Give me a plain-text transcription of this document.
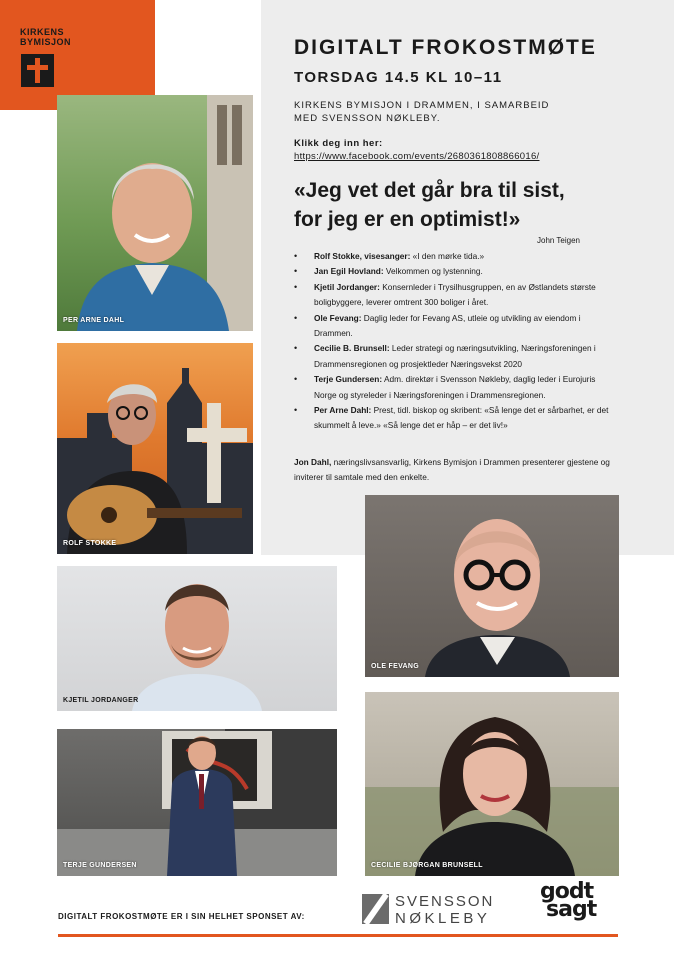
KIRKENS
BYMISJON	DIGITALT FROKOSTMØTE
TORSDAG 14.5 KL 10–11
KIRKENS BYMISJON I DRAMMEN, I SAMARBEID
MED SVENSSON NØKLEBY.
Klikk deg inn her:
https://www.facebook.com/events/2680361808866016/
«Jeg vet det går bra til sist,
for jeg er en optimist!»
John Teigen
• Rolf Stokke, visesanger: «I den mørke tida.»
• Jan Egil Hovland: Velkommen og lystenning.
• Kjetil Jordanger: Konsernleder i Trysilhusgruppen, en av Østlandets største boligbyggere, leverer omtrent 300 boliger i året.
• Ole Fevang: Daglig leder for Fevang AS, utleie og utvikling av eiendom i Drammen.
• Cecilie B. Brunsell: Leder strategi og næringsutvikling, Næringsforeningen i Drammensregionen og prosjektleder Næringsvekst 2020
• Terje Gundersen: Adm. direktør i Svensson Nøkleby, daglig leder i Eurojuris Norge og styreleder i Næringsforeningen i Drammensregionen.
• Per Arne Dahl: Prest, tidl. biskop og skribent: «Så lenge det er sårbarhet, er det skummelt å leve.» «Så lenge det er håp – er det liv!»
Jon Dahl, næringslivsansvarlig, Kirkens Bymisjon i Drammen presenterer gjestene og inviterer til samtale med den enkelte.
PER ARNE DAHL
ROLF STOKKE
OLE FEVANG
KJETIL JORDANGER
CECILIE BJØRGAN BRUNSELL
TERJE GUNDERSEN
DIGITALT FROKOSTMØTE ER I SIN HELHET SPONSET AV:
SVENSSON
NØKLEBY
godt
sagt
